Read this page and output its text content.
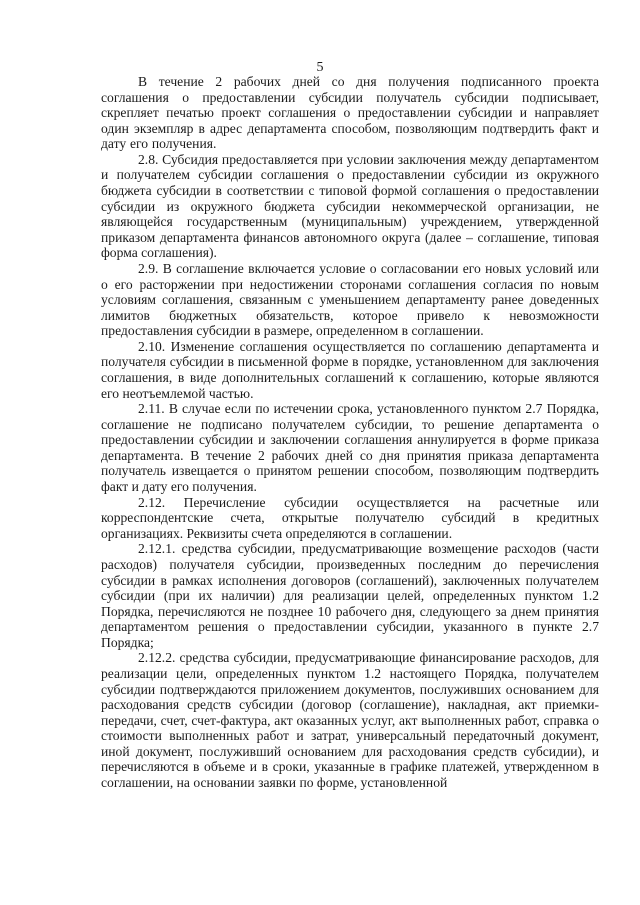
5

В течение 2 рабочих дней со дня получения подписанного проекта соглашения о предоставлении субсидии получатель субсидии подписывает, скрепляет печатью проект соглашения о предоставлении субсидии и направляет один экземпляр в адрес департамента способом, позволяющим подтвердить факт и дату его получения.

2.8. Субсидия предоставляется при условии заключения между департаментом и получателем субсидии соглашения о предоставлении субсидии из окружного бюджета субсидии в соответствии с типовой формой соглашения о предоставлении субсидии из окружного бюджета субсидии некоммерческой организации, не являющейся государственным (муниципальным) учреждением, утвержденной приказом департамента финансов автономного округа (далее – соглашение, типовая форма соглашения).

2.9. В соглашение включается условие о согласовании его новых условий или о его расторжении при недостижении сторонами соглашения согласия по новым условиям соглашения, связанным с уменьшением департаменту ранее доведенных лимитов бюджетных обязательств, которое привело к невозможности предоставления субсидии в размере, определенном в соглашении.

2.10. Изменение соглашения осуществляется по соглашению департамента и получателя субсидии в письменной форме в порядке, установленном для заключения соглашения, в виде дополнительных соглашений к соглашению, которые являются его неотъемлемой частью.

2.11. В случае если по истечении срока, установленного пунктом 2.7 Порядка, соглашение не подписано получателем субсидии, то решение департамента о предоставлении субсидии и заключении соглашения аннулируется в форме приказа департамента. В течение 2 рабочих дней со дня принятия приказа департамента получатель извещается о принятом решении способом, позволяющим подтвердить факт и дату его получения.

2.12. Перечисление субсидии осуществляется на расчетные или корреспондентские счета, открытые получателю субсидий в кредитных организациях. Реквизиты счета определяются в соглашении.

2.12.1. средства субсидии, предусматривающие возмещение расходов (части расходов) получателя субсидии, произведенных последним до перечисления субсидии в рамках исполнения договоров (соглашений), заключенных получателем субсидии (при их наличии) для реализации целей, определенных пунктом 1.2 Порядка, перечисляются не позднее 10 рабочего дня, следующего за днем принятия департаментом решения о предоставлении субсидии, указанного в пункте 2.7 Порядка;

2.12.2. средства субсидии, предусматривающие финансирование расходов, для реализации цели, определенных пунктом 1.2 настоящего Порядка, получателем субсидии подтверждаются приложением документов, послуживших основанием для расходования средств субсидии (договор (соглашение), накладная, акт приемки-передачи, счет, счет-фактура, акт оказанных услуг, акт выполненных работ, справка о стоимости выполненных работ и затрат, универсальный передаточный документ, иной документ, послуживший основанием для расходования средств субсидии), и перечисляются в объеме и в сроки, указанные в графике платежей, утвержденном в соглашении, на основании заявки по форме, установленной
